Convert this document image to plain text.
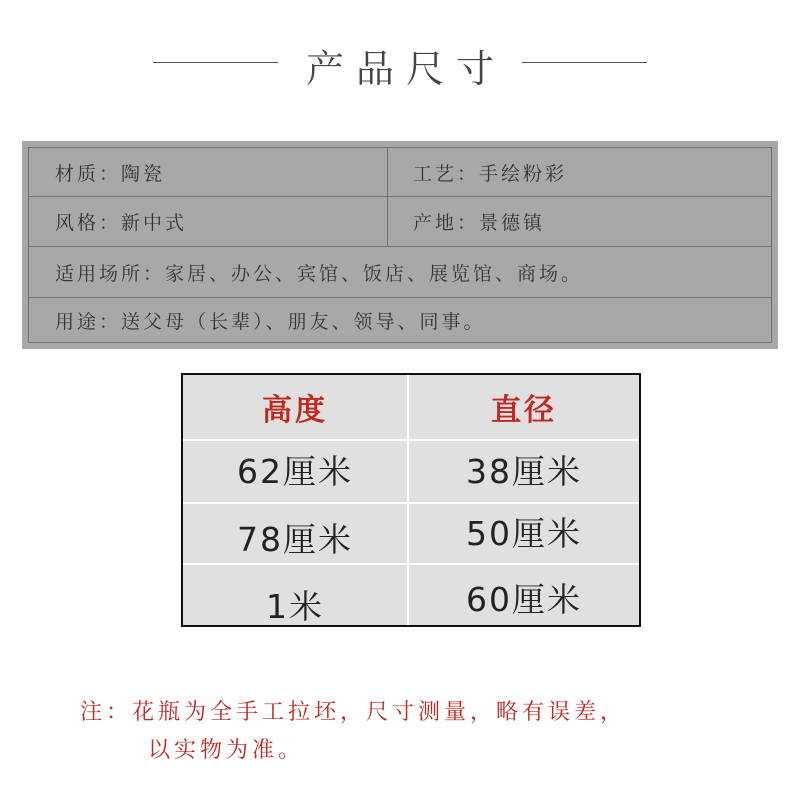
产品尺寸
材质：陶瓷	工艺：手绘粉彩
风格：新中式	产地：景德镇
适用场所：家居、办公、宾馆、饭店、展览馆、商场。
用途：送父母（长辈）、朋友、领导、同事。
高度	直径
62厘米	38厘米
78厘米	50厘米
1米	60厘米
注：花瓶为全手工拉坯，尺寸测量，略有误差，
以实物为准。
